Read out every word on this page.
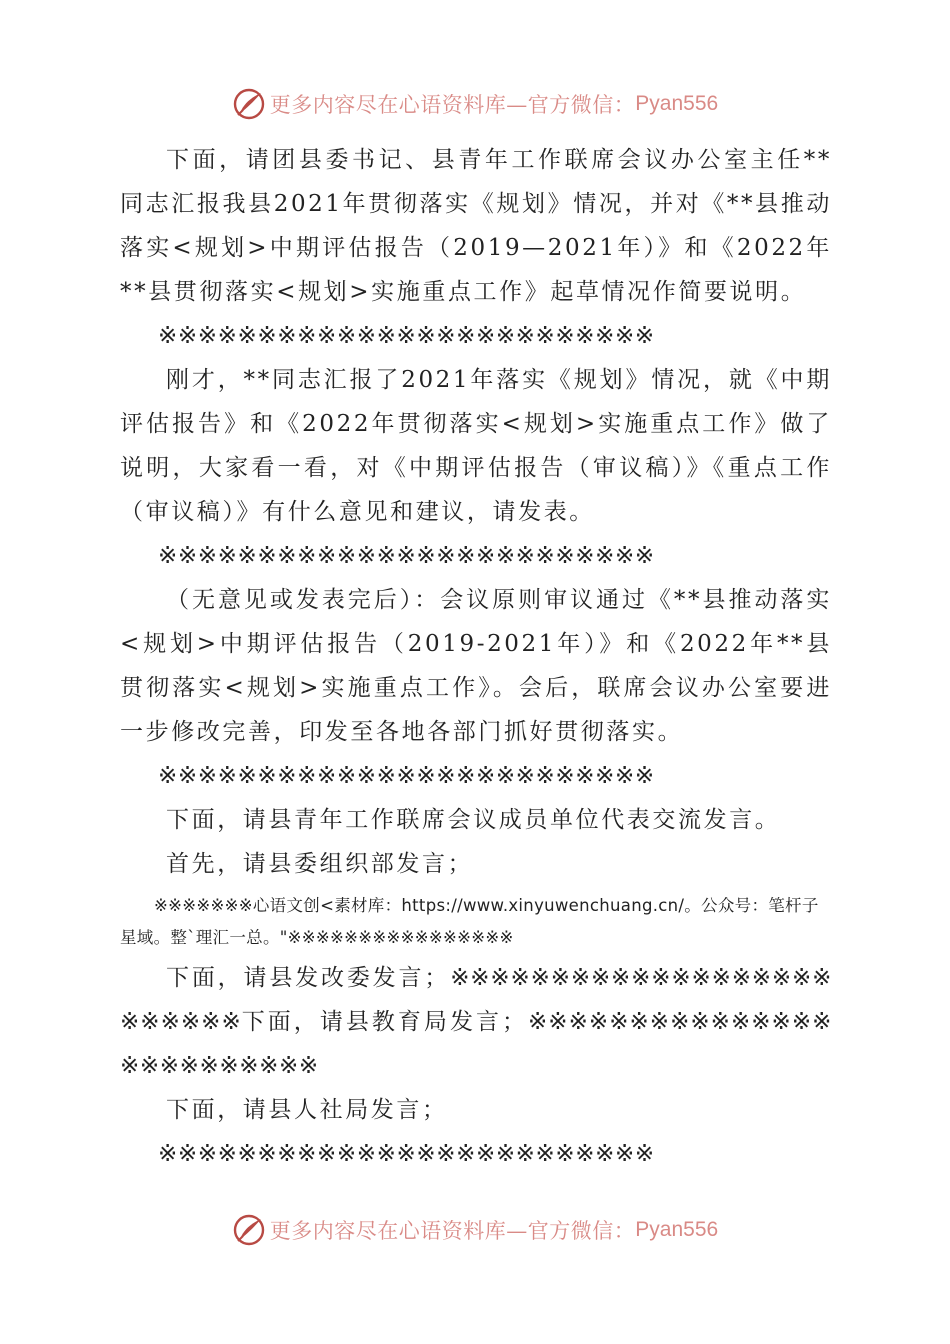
更多内容尽在心语资料库—官方微信： Pyan556

下面，请团县委书记、县青年工作联席会议办公室主任**同志汇报我县2021年贯彻落实《规划》情况，并对《**县推动落实<规划>中期评估报告（2019—2021年）》和《2022年**县贯彻落实<规划>实施重点工作》起草情况作简要说明。

※※※※※※※※※※※※※※※※※※※※※※※※※

刚才，**同志汇报了2021年落实《规划》情况，就《中期评估报告》和《2022年贯彻落实<规划>实施重点工作》做了说明，大家看一看，对《中期评估报告（审议稿）》《重点工作（审议稿）》有什么意见和建议，请发表。

※※※※※※※※※※※※※※※※※※※※※※※※※

（无意见或发表完后）：会议原则审议通过《**县推动落实<规划>中期评估报告（2019-2021年）》和《2022年**县贯彻落实<规划>实施重点工作》。会后，联席会议办公室要进一步修改完善，印发至各地各部门抓好贯彻落实。

※※※※※※※※※※※※※※※※※※※※※※※※※

下面，请县青年工作联席会议成员单位代表交流发言。

首先，请县委组织部发言；

※※※※※※※心语文创<素材库：https://www.xinyuwenchuang.cn/。公众号：笔杆子星域。整`理汇一总。"※※※※※※※※※※※※※※※※

下面，请县发改委发言；※※※※※※※※※※※※※※※※※※※※※※※※※下面，请县教育局发言；※※※※※※※※※※※※※※※※※※※※※※※※※

下面，请县人社局发言；

※※※※※※※※※※※※※※※※※※※※※※※※※

更多内容尽在心语资料库—官方微信： Pyan556
